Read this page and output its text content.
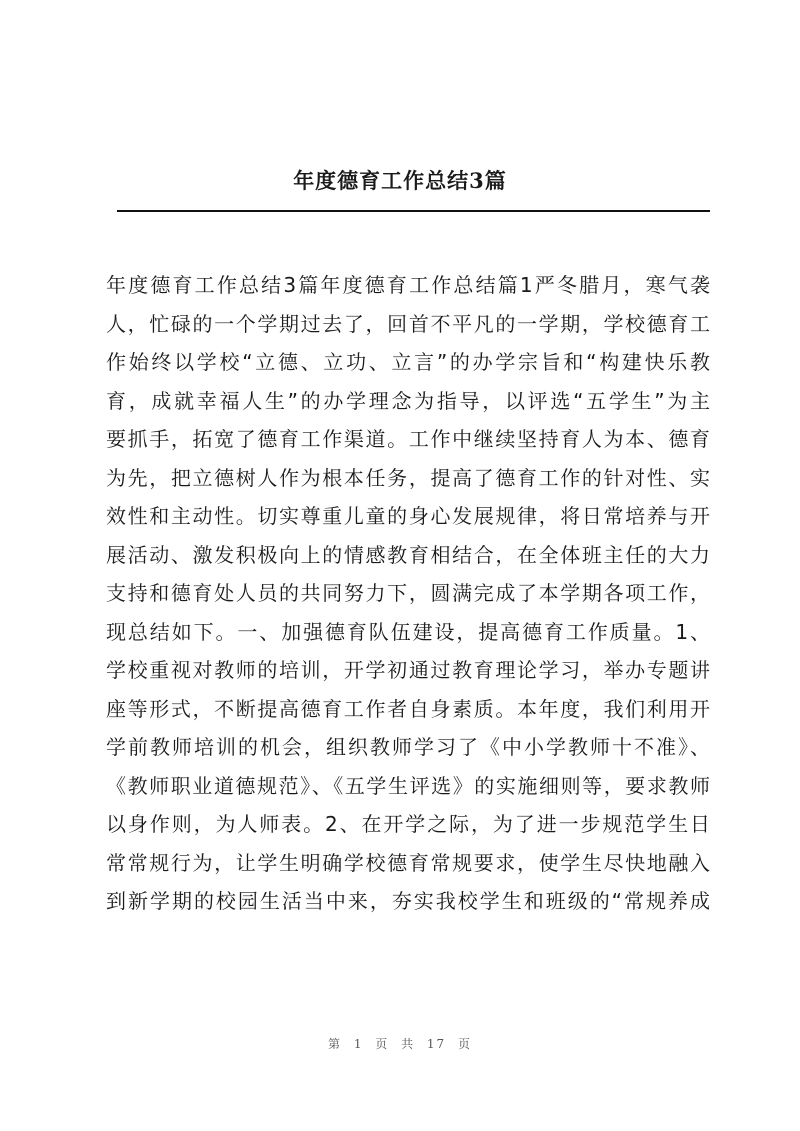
年度德育工作总结3篇
年度德育工作总结3篇年度德育工作总结篇1严冬腊月，寒气袭
人，忙碌的一个学期过去了，回首不平凡的一学期，学校德育工
作始终以学校“立德、立功、立言”的办学宗旨和“构建快乐教
育，成就幸福人生”的办学理念为指导，以评选“五学生”为主
要抓手，拓宽了德育工作渠道。工作中继续坚持育人为本、德育
为先，把立德树人作为根本任务，提高了德育工作的针对性、实
效性和主动性。切实尊重儿童的身心发展规律，将日常培养与开
展活动、激发积极向上的情感教育相结合，在全体班主任的大力
支持和德育处人员的共同努力下，圆满完成了本学期各项工作，
现总结如下。一、加强德育队伍建设，提高德育工作质量。1、
学校重视对教师的培训，开学初通过教育理论学习，举办专题讲
座等形式，不断提高德育工作者自身素质。本年度，我们利用开
学前教师培训的机会，组织教师学习了《中小学教师十不准》、
《教师职业道德规范》、《五学生评选》的实施细则等，要求教师
以身作则，为人师表。2、在开学之际，为了进一步规范学生日
常常规行为，让学生明确学校德育常规要求，使学生尽快地融入
到新学期的校园生活当中来，夯实我校学生和班级的“常规养成
第 1 页 共 17 页
